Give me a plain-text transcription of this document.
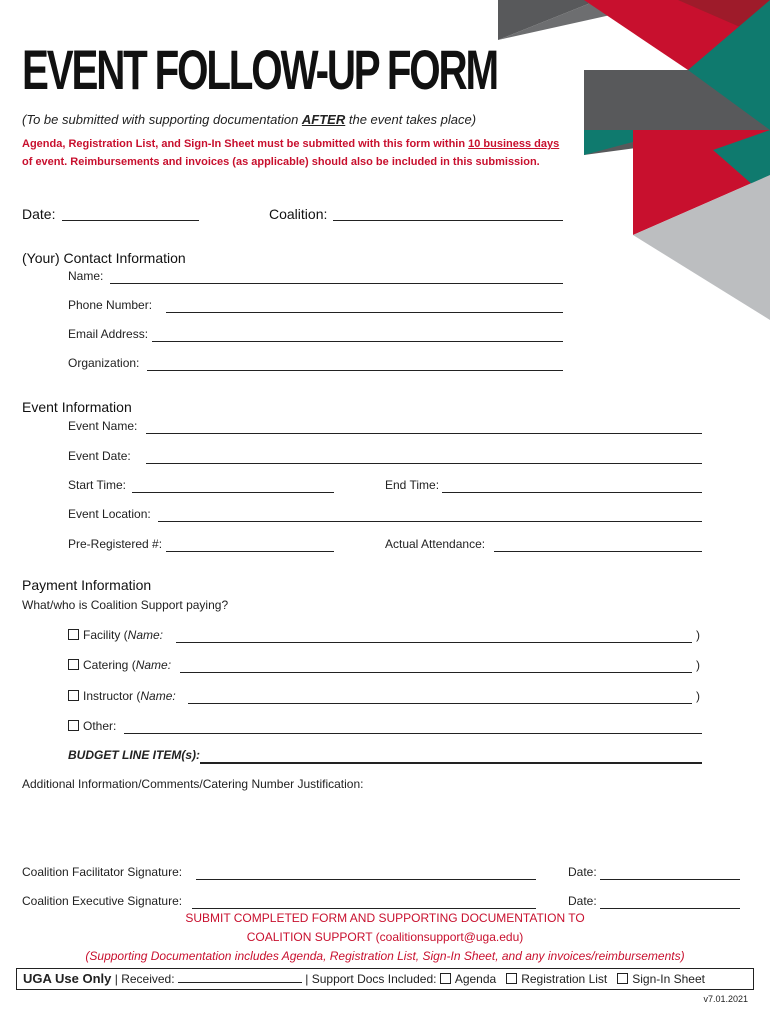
EVENT FOLLOW-UP FORM
(To be submitted with supporting documentation AFTER the event takes place)
Agenda, Registration List, and Sign-In Sheet must be submitted with this form within 10 business days of event. Reimbursements and invoices (as applicable) should also be included in this submission.
Date:	Coalition:
(Your) Contact Information
Name:
Phone Number:
Email Address:
Organization:
Event Information
Event Name:
Event Date:
Start Time:	End Time:
Event Location:
Pre-Registered #:	Actual Attendance:
Payment Information
What/who is Coalition Support paying?
Facility (Name:	)
Catering (Name:	)
Instructor (Name:	)
Other:
BUDGET LINE ITEM(s):
Additional Information/Comments/Catering Number Justification:
Coalition Facilitator Signature:	Date:
Coalition Executive Signature:	Date:
SUBMIT COMPLETED FORM AND SUPPORTING DOCUMENTATION TO
COALITION SUPPORT (coalitionsupport@uga.edu)
(Supporting Documentation includes Agenda, Registration List, Sign-In Sheet, and any invoices/reimbursements)
UGA Use Only | Received:	| Support Docs Included: Agenda Registration List Sign-In Sheet
v7.01.2021
